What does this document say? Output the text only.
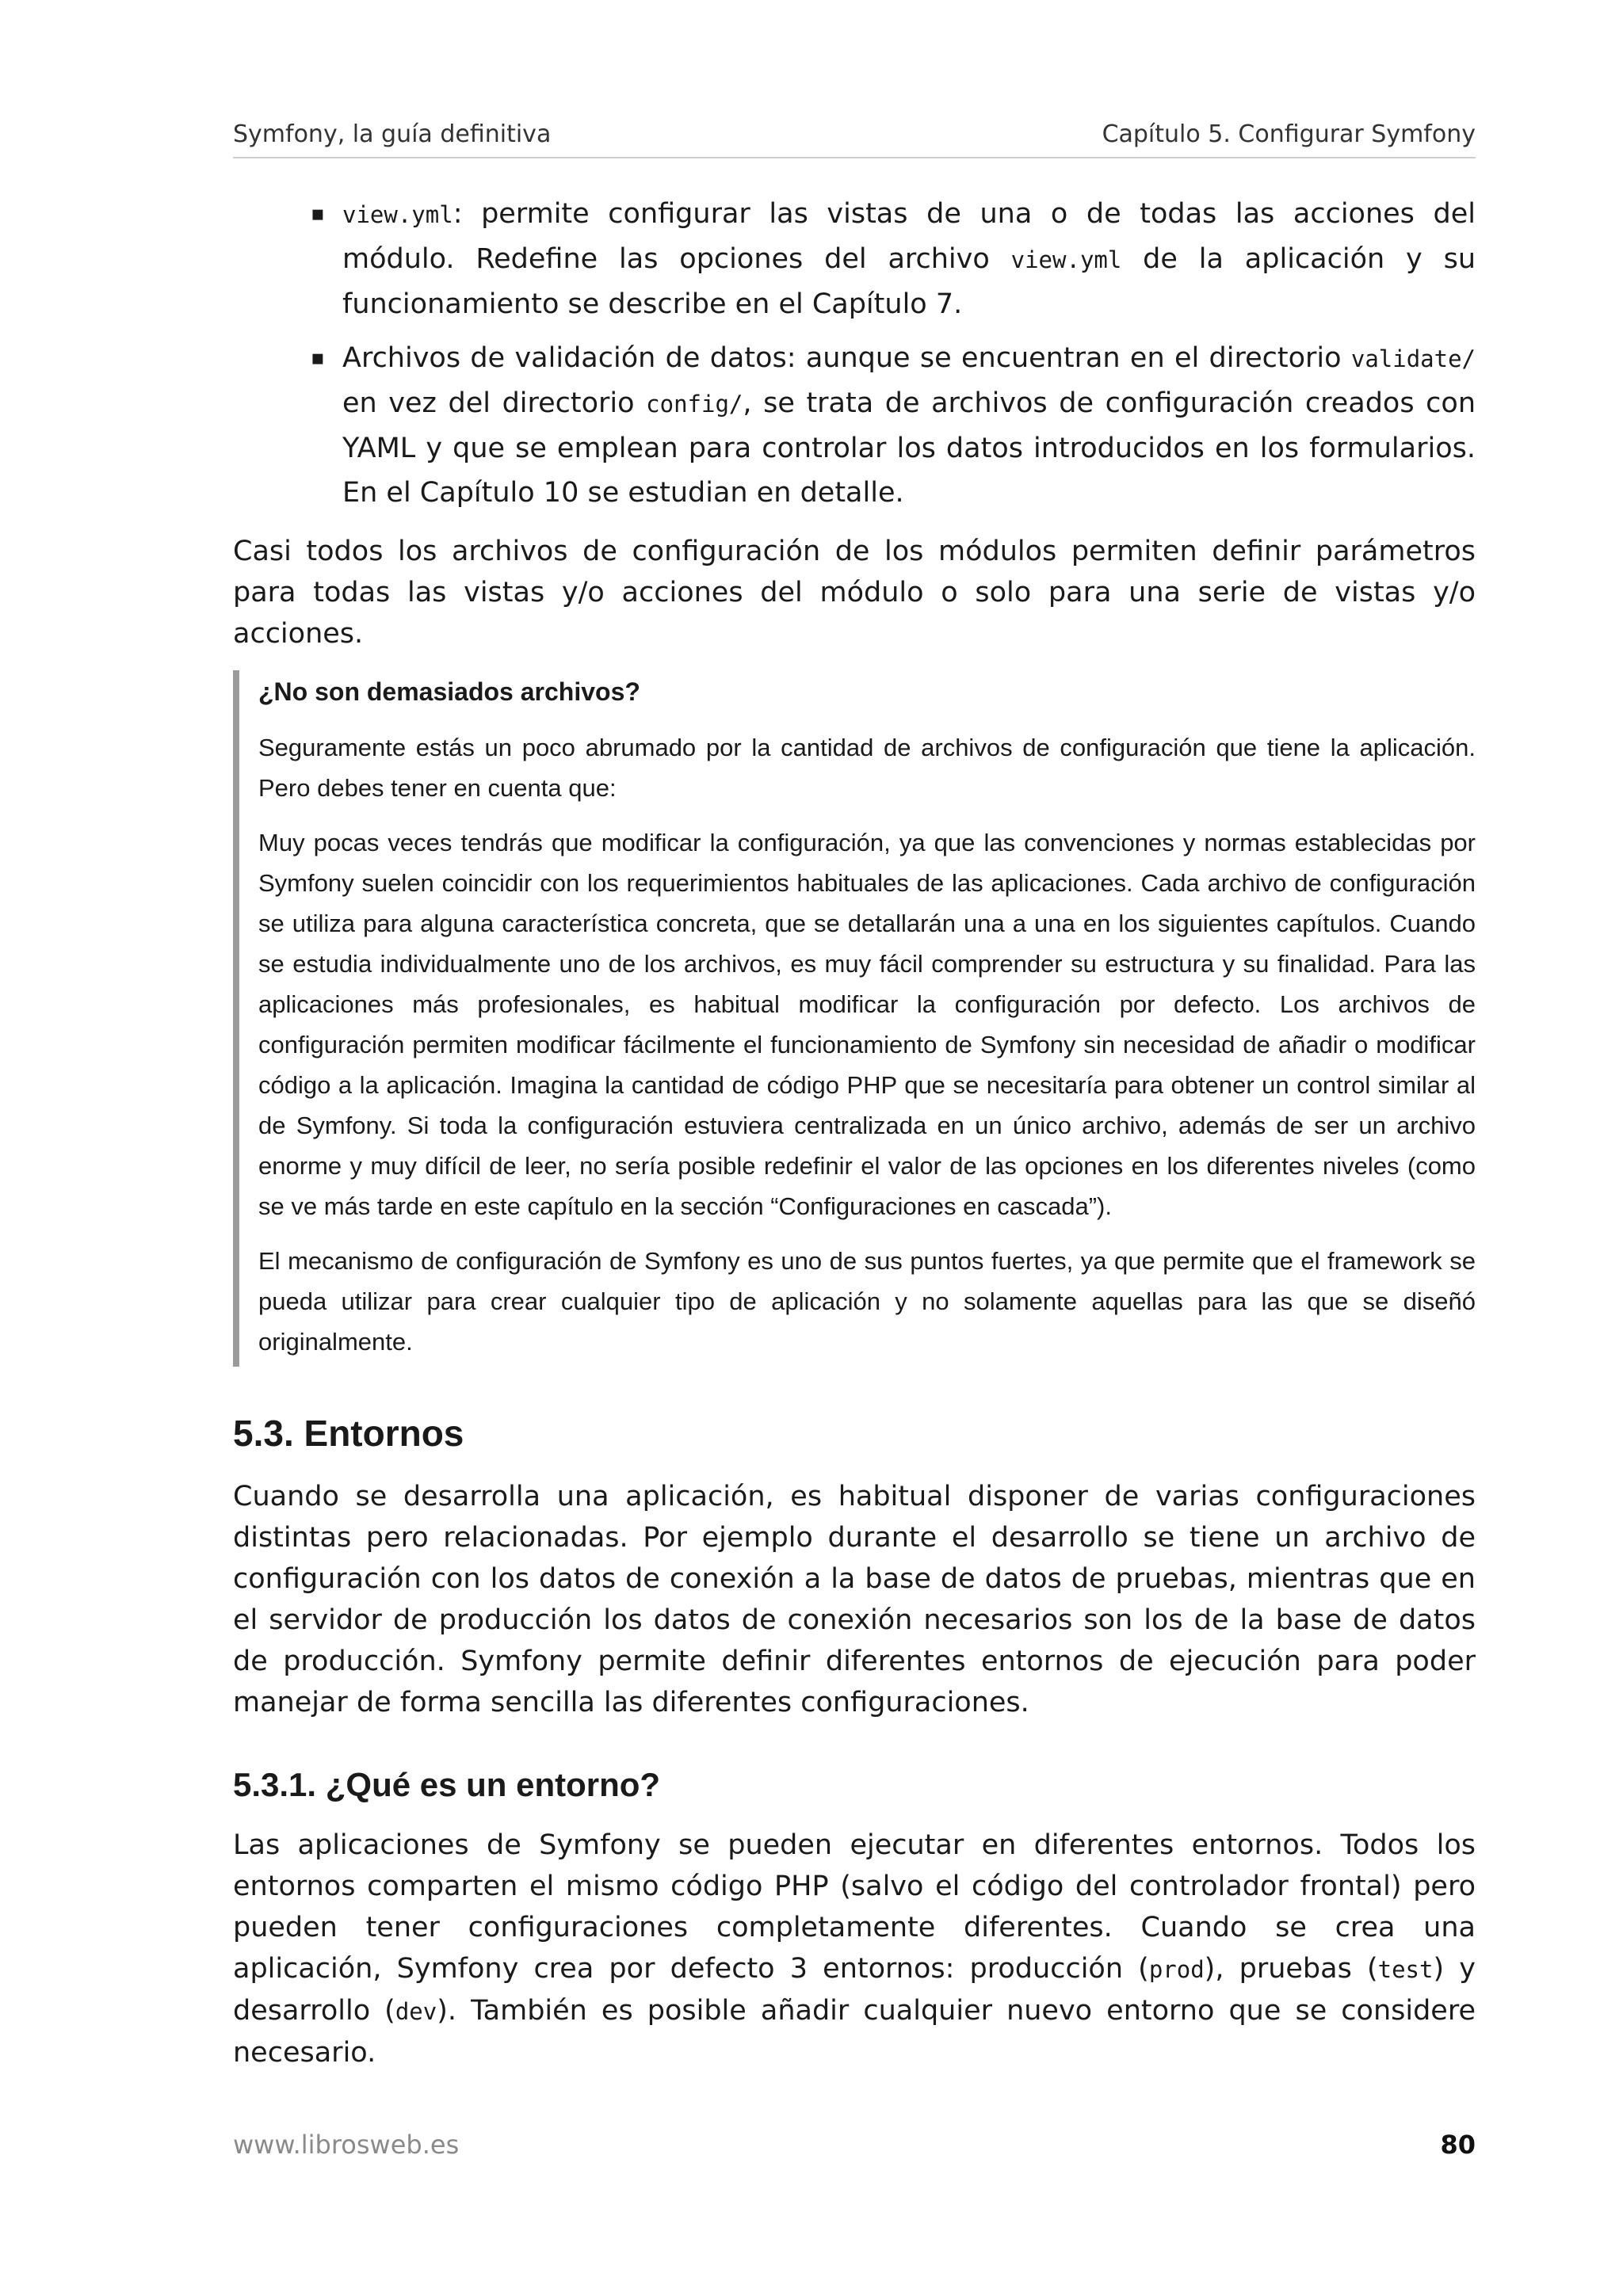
Symfony, la guía definitiva	Capítulo 5. Configurar Symfony
▪ view.yml: permite configurar las vistas de una o de todas las acciones del módulo. Redefine las opciones del archivo view.yml de la aplicación y su funcionamiento se describe en el Capítulo 7.
▪ Archivos de validación de datos: aunque se encuentran en el directorio validate/ en vez del directorio config/, se trata de archivos de configuración creados con YAML y que se emplean para controlar los datos introducidos en los formularios. En el Capítulo 10 se estudian en detalle.

Casi todos los archivos de configuración de los módulos permiten definir parámetros para todas las vistas y/o acciones del módulo o solo para una serie de vistas y/o acciones.

¿No son demasiados archivos?

Seguramente estás un poco abrumado por la cantidad de archivos de configuración que tiene la aplicación. Pero debes tener en cuenta que:

Muy pocas veces tendrás que modificar la configuración, ya que las convenciones y normas establecidas por Symfony suelen coincidir con los requerimientos habituales de las aplicaciones. Cada archivo de configuración se utiliza para alguna característica concreta, que se detallarán una a una en los siguientes capítulos. Cuando se estudia individualmente uno de los archivos, es muy fácil comprender su estructura y su finalidad. Para las aplicaciones más profesionales, es habitual modificar la configuración por defecto. Los archivos de configuración permiten modificar fácilmente el funcionamiento de Symfony sin necesidad de añadir o modificar código a la aplicación. Imagina la cantidad de código PHP que se necesitaría para obtener un control similar al de Symfony. Si toda la configuración estuviera centralizada en un único archivo, además de ser un archivo enorme y muy difícil de leer, no sería posible redefinir el valor de las opciones en los diferentes niveles (como se ve más tarde en este capítulo en la sección “Configuraciones en cascada”).

El mecanismo de configuración de Symfony es uno de sus puntos fuertes, ya que permite que el framework se pueda utilizar para crear cualquier tipo de aplicación y no solamente aquellas para las que se diseñó originalmente.

5.3. Entornos

Cuando se desarrolla una aplicación, es habitual disponer de varias configuraciones distintas pero relacionadas. Por ejemplo durante el desarrollo se tiene un archivo de configuración con los datos de conexión a la base de datos de pruebas, mientras que en el servidor de producción los datos de conexión necesarios son los de la base de datos de producción. Symfony permite definir diferentes entornos de ejecución para poder manejar de forma sencilla las diferentes configuraciones.

5.3.1. ¿Qué es un entorno?

Las aplicaciones de Symfony se pueden ejecutar en diferentes entornos. Todos los entornos comparten el mismo código PHP (salvo el código del controlador frontal) pero pueden tener configuraciones completamente diferentes. Cuando se crea una aplicación, Symfony crea por defecto 3 entornos: producción (prod), pruebas (test) y desarrollo (dev). También es posible añadir cualquier nuevo entorno que se considere necesario.

www.librosweb.es	80
